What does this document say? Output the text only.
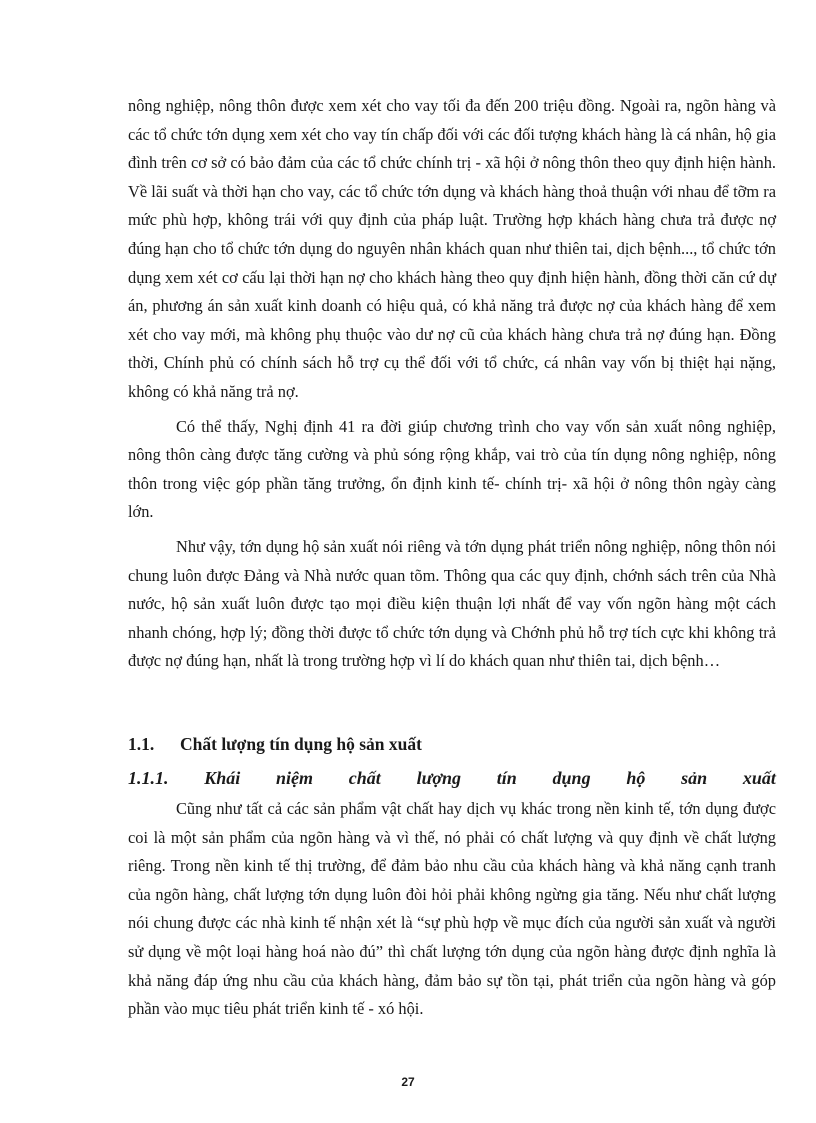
nông nghiệp, nông thôn được xem xét cho vay tối đa đến 200 triệu đồng. Ngoài ra, ngõn hàng và các tổ chức tớn dụng xem xét cho vay tín chấp đối với các đối tượng khách hàng là cá nhân, hộ gia đình trên cơ sở có bảo đảm của các tổ chức chính trị - xã hội ở nông thôn theo quy định hiện hành. Về lãi suất và thời hạn cho vay, các tổ chức tớn dụng và khách hàng thoả thuận với nhau để tỡm ra mức phù hợp, không trái với quy định của pháp luật. Trường hợp khách hàng chưa trả được nợ đúng hạn cho tổ chức tớn dụng do nguyên nhân khách quan như thiên tai, dịch bệnh..., tổ chức tớn dụng xem xét cơ cấu lại thời hạn nợ cho khách hàng theo quy định hiện hành, đồng thời căn cứ dự án, phương án sản xuất kinh doanh có hiệu quả, có khả năng trả được nợ của khách hàng để xem xét cho vay mới, mà không phụ thuộc vào dư nợ cũ của khách hàng chưa trả nợ đúng hạn. Đồng thời, Chính phủ có chính sách hỗ trợ cụ thể đối với tổ chức, cá nhân vay vốn bị thiệt hại nặng, không có khả năng trả nợ.

Có thể thấy, Nghị định 41 ra đời giúp chương trình cho vay vốn sản xuất nông nghiệp, nông thôn càng được tăng cường và phủ sóng rộng khắp, vai trò của tín dụng nông nghiệp, nông thôn trong việc góp phần tăng trưởng, ổn định kinh tế- chính trị- xã hội ở nông thôn ngày càng lớn.

Như vậy, tớn dụng hộ sản xuất nói riêng và tớn dụng phát triển nông nghiệp, nông thôn nói chung luôn được Đảng và Nhà nước quan tõm. Thông qua các quy định, chớnh sách trên của Nhà nước, hộ sản xuất luôn được tạo mọi điều kiện thuận lợi nhất để vay vốn ngõn hàng một cách nhanh chóng, hợp lý; đồng thời được tổ chức tớn dụng và Chớnh phủ hỗ trợ tích cực khi không trả được nợ đúng hạn, nhất là trong trường hợp vì lí do khách quan như thiên tai, dịch bệnh…

1.1.	Chất lượng tín dụng hộ sản xuất
1.1.1. Khái niệm chất lượng tín dụng hộ sản xuất

Cũng như tất cả các sản phẩm vật chất hay dịch vụ khác trong nền kinh tế, tớn dụng được coi là một sản phẩm của ngõn hàng và vì thế, nó phải có chất lượng và quy định về chất lượng riêng. Trong nền kinh tế thị trường, để đảm bảo nhu cầu của khách hàng và khả năng cạnh tranh của ngõn hàng, chất lượng tớn dụng luôn đòi hỏi phải không ngừng gia tăng. Nếu như chất lượng nói chung được các nhà kinh tế nhận xét là “sự phù hợp về mục đích của người sản xuất và người sử dụng về một loại hàng hoá nào đú” thì chất lượng tớn dụng của ngõn hàng được định nghĩa là khả năng đáp ứng nhu cầu của khách hàng, đảm bảo sự tồn tại, phát triển của ngõn hàng và góp phần vào mục tiêu phát triển kinh tế - xó hội.

27
